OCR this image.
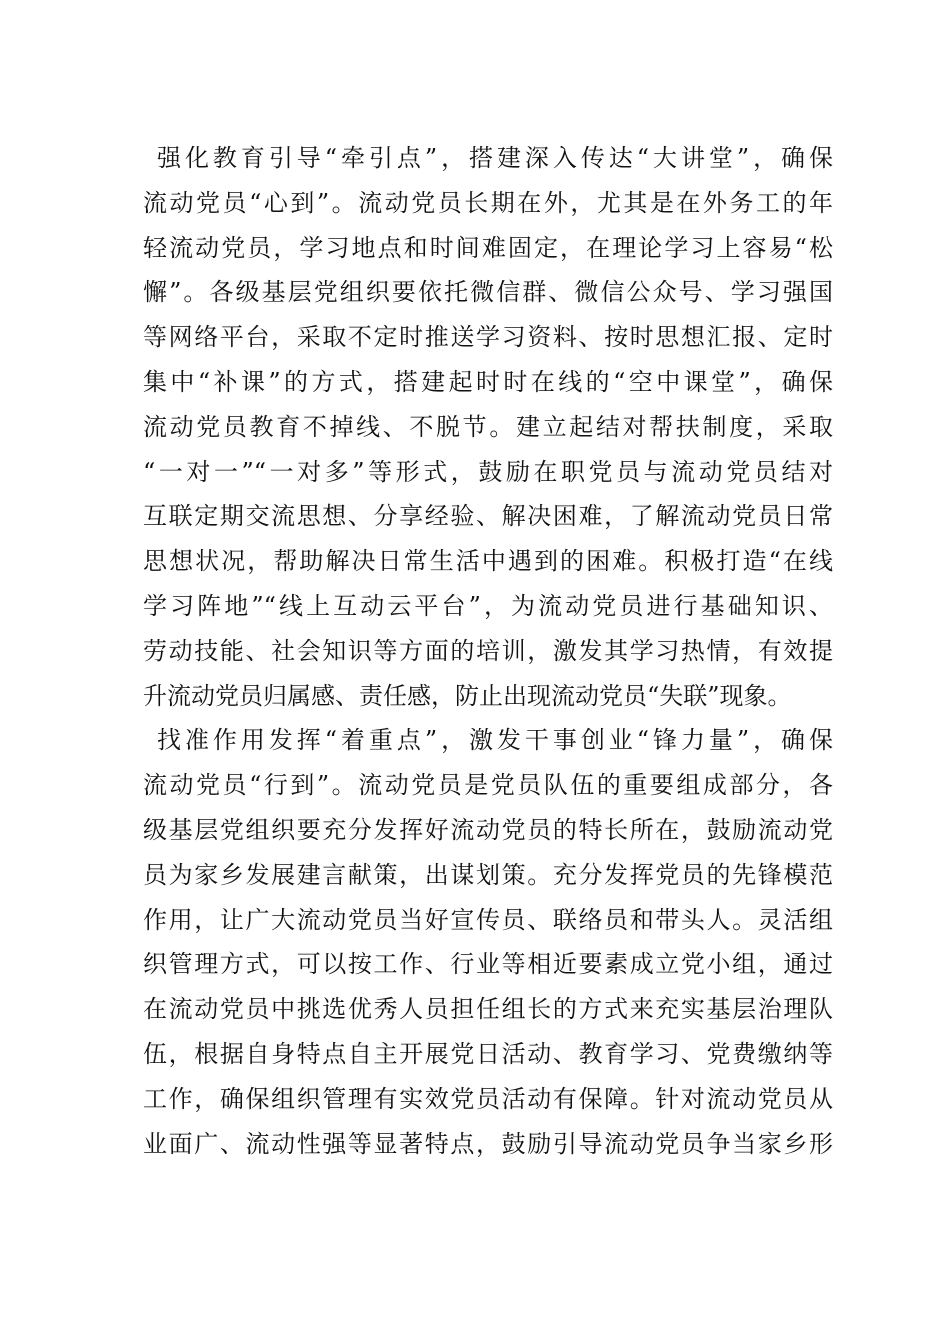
强化教育引导“牵引点”，搭建深入传达“大讲堂”，确保
流动党员“心到”。流动党员长期在外，尤其是在外务工的年
轻流动党员，学习地点和时间难固定，在理论学习上容易“松
懈”。各级基层党组织要依托微信群、微信公众号、学习强国
等网络平台，采取不定时推送学习资料、按时思想汇报、定时
集中“补课”的方式，搭建起时时在线的“空中课堂”，确保
流动党员教育不掉线、不脱节。建立起结对帮扶制度，采取
“一对一”“一对多”等形式，鼓励在职党员与流动党员结对
互联定期交流思想、分享经验、解决困难，了解流动党员日常
思想状况，帮助解决日常生活中遇到的困难。积极打造“在线
学习阵地”“线上互动云平台”，为流动党员进行基础知识、
劳动技能、社会知识等方面的培训，激发其学习热情，有效提
升流动党员归属感、责任感，防止出现流动党员“失联”现象。
找准作用发挥“着重点”，激发干事创业“锋力量”，确保
流动党员“行到”。流动党员是党员队伍的重要组成部分，各
级基层党组织要充分发挥好流动党员的特长所在，鼓励流动党
员为家乡发展建言献策，出谋划策。充分发挥党员的先锋模范
作用，让广大流动党员当好宣传员、联络员和带头人。灵活组
织管理方式，可以按工作、行业等相近要素成立党小组，通过
在流动党员中挑选优秀人员担任组长的方式来充实基层治理队
伍，根据自身特点自主开展党日活动、教育学习、党费缴纳等
工作，确保组织管理有实效党员活动有保障。针对流动党员从
业面广、流动性强等显著特点，鼓励引导流动党员争当家乡形
